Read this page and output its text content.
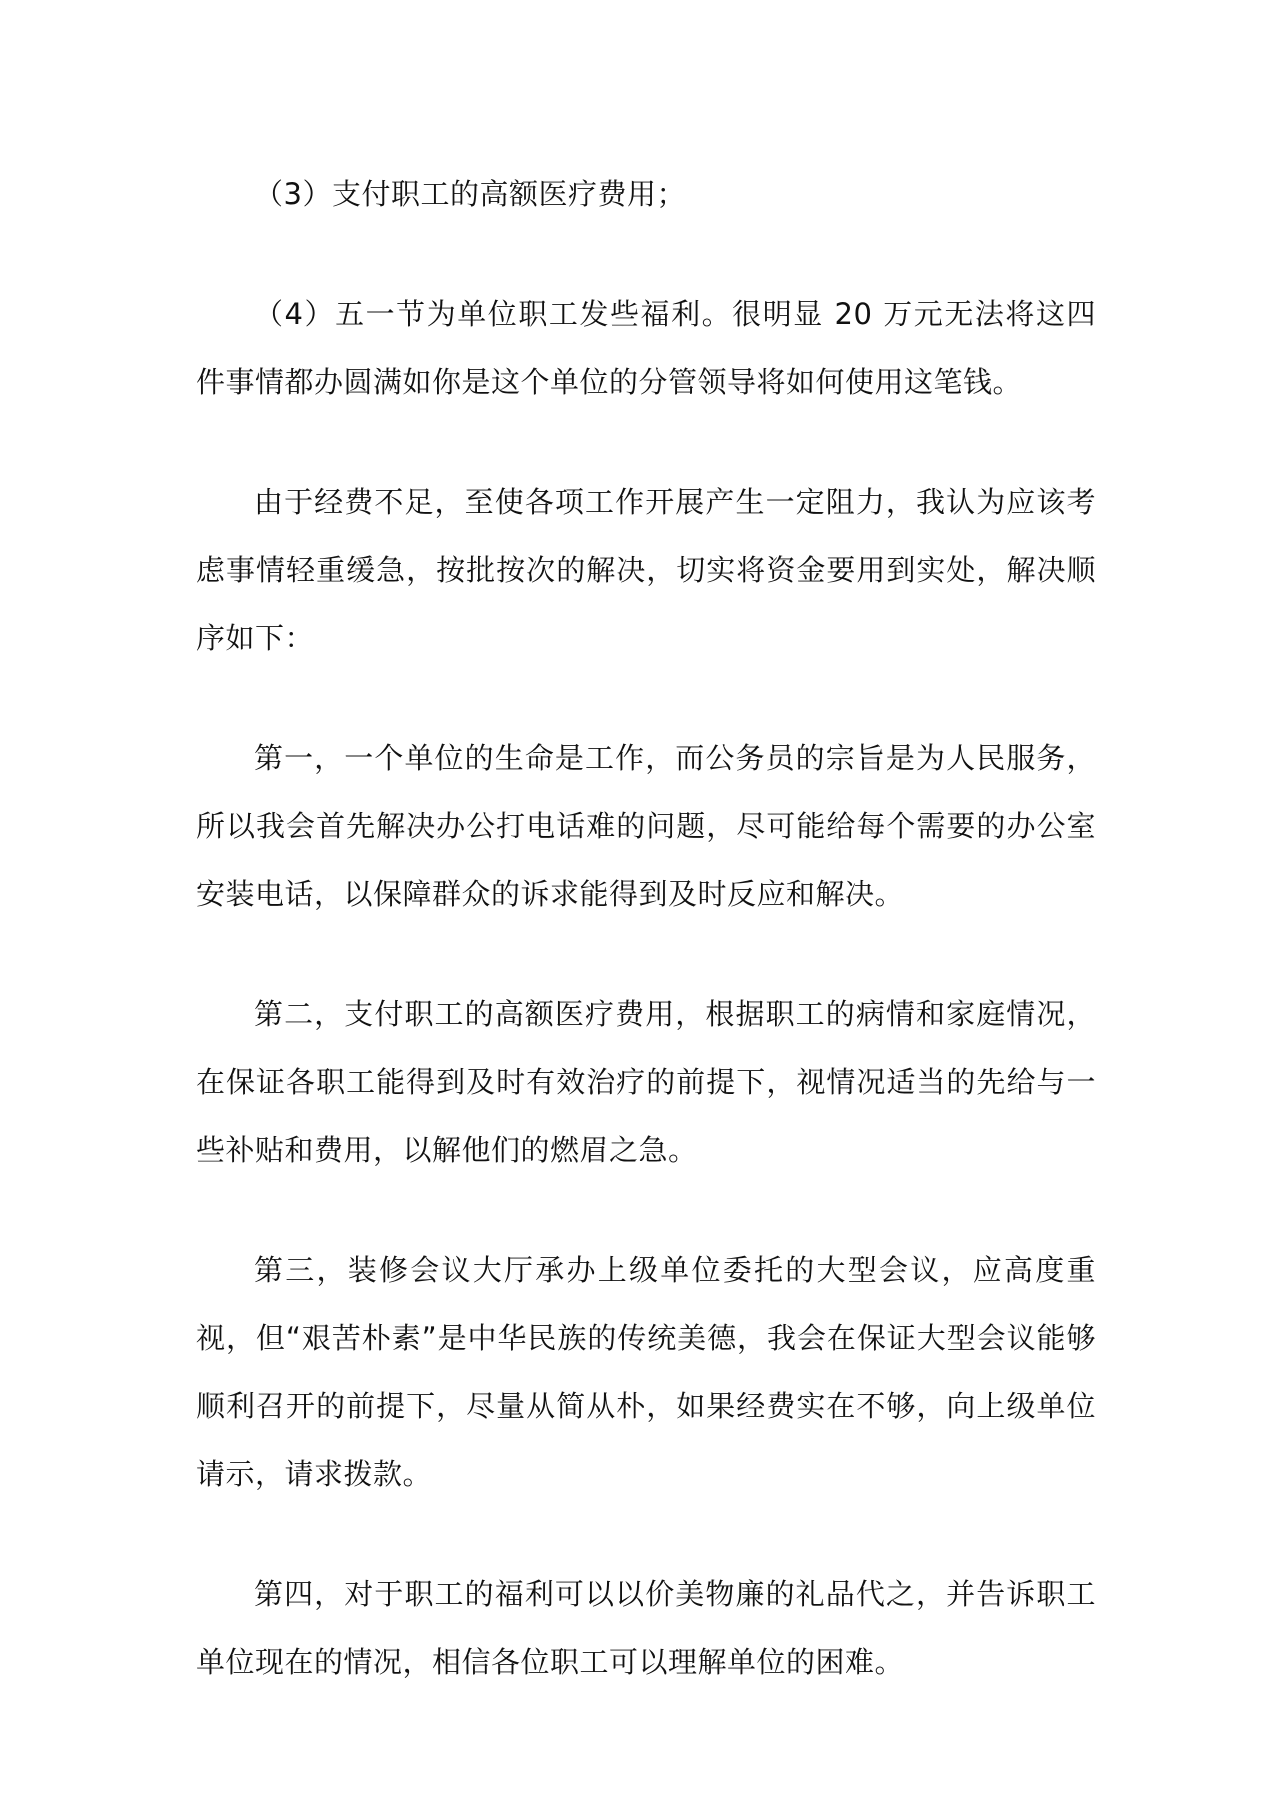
（3）支付职工的高额医疗费用；

（4）五一节为单位职工发些福利。很明显 20 万元无法将这四件事情都办圆满如你是这个单位的分管领导将如何使用这笔钱。

由于经费不足，至使各项工作开展产生一定阻力，我认为应该考虑事情轻重缓急，按批按次的解决，切实将资金要用到实处，解决顺序如下：

第一，一个单位的生命是工作，而公务员的宗旨是为人民服务，所以我会首先解决办公打电话难的问题，尽可能给每个需要的办公室安装电话，以保障群众的诉求能得到及时反应和解决。

第二，支付职工的高额医疗费用，根据职工的病情和家庭情况，在保证各职工能得到及时有效治疗的前提下，视情况适当的先给与一些补贴和费用，以解他们的燃眉之急。

第三，装修会议大厅承办上级单位委托的大型会议，应高度重视，但“艰苦朴素”是中华民族的传统美德，我会在保证大型会议能够顺利召开的前提下，尽量从简从朴，如果经费实在不够，向上级单位请示，请求拨款。

第四，对于职工的福利可以以价美物廉的礼品代之，并告诉职工单位现在的情况，相信各位职工可以理解单位的困难。
